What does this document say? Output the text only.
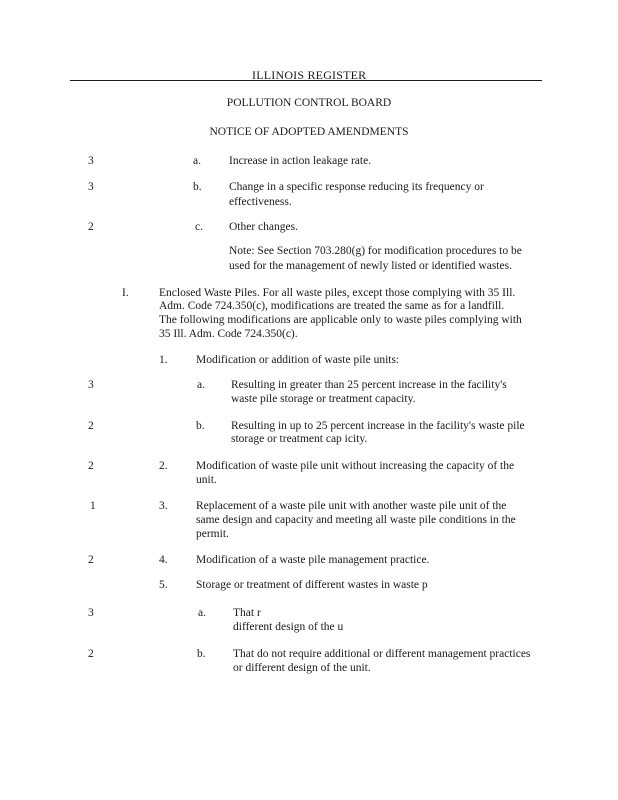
ILLINOIS REGISTER
POLLUTION CONTROL BOARD
NOTICE OF ADOPTED AMENDMENTS
3	a. Increase in action leakage rate.
3	b. Change in a specific response reducing its frequency or
effectiveness.
2	c. Other changes.
Note: See Section 703.280(g) for modification procedures to be
used for the management of newly listed or identified wastes.
I.	Enclosed Waste Piles. For all waste piles, except those complying with 35 Ill.
Adm. Code 724.350(c), modifications are treated the same as for a landfill.
The following modifications are applicable only to waste piles complying with
35 Ill. Adm. Code 724.350(c).
1. Modification or addition of waste pile units:
3	a. Resulting in greater than 25 percent increase in the facility's
waste pile storage or treatment capacity.
2	b. Resulting in up to 25 percent increase in the facility's waste pile
storage or treatment cap icity.
2	2. Modification of waste pile unit without increasing the capacity of the
unit.
1	3. Replacement of a waste pile unit with another waste pile unit of the
same design and capacity and meeting all waste pile conditions in the
permit.
2	4. Modification of a waste pile management practice.
5. Storage or treatment of different wastes in waste p
3	a. That r
different design of the u
2	b. That do not require additional or different management practices
or different design of the unit.
